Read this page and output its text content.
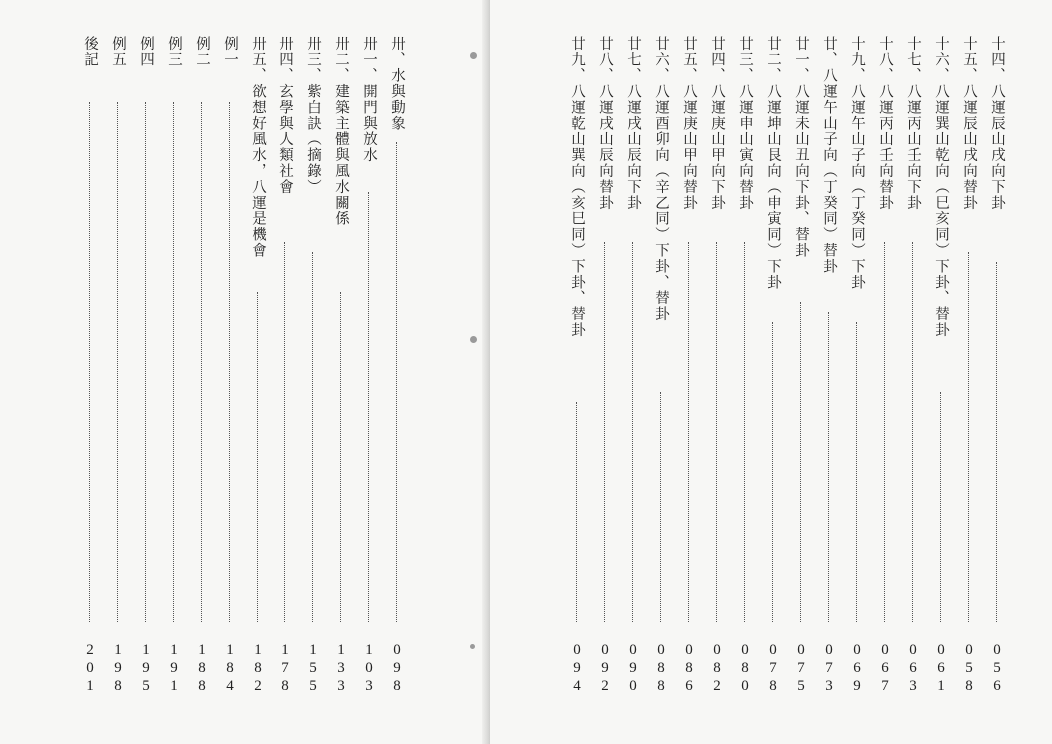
卅、水與動象
098
卅一、開門與放水
103
卅二、建築主體與風水關係
133
卅三、紫白訣（摘錄）
155
卅四、玄學與人類社會
178
卅五、欲想好風水，八運是機會
182
例一
184
例二
188
例三
191
例四
195
例五
198
後記
201
十四、八運辰山戌向下卦
056
十五、八運辰山戌向替卦
058
十六、八運巽山乾向（巳亥同）下卦、替卦
061
十七、八運丙山壬向下卦
063
十八、八運丙山壬向替卦
067
十九、八運午山子向（丁癸同）下卦
069
廿、八運午山子向（丁癸同）替卦
073
廿一、八運未山丑向下卦、替卦
075
廿二、八運坤山艮向（申寅同）下卦
078
廿三、八運申山寅向替卦
080
廿四、八運庚山甲向下卦
082
廿五、八運庚山甲向替卦
086
廿六、八運酉卯向（辛乙同）下卦、替卦
088
廿七、八運戌山辰向下卦
090
廿八、八運戌山辰向替卦
092
廿九、八運乾山巽向（亥巳同）下卦、替卦
094
